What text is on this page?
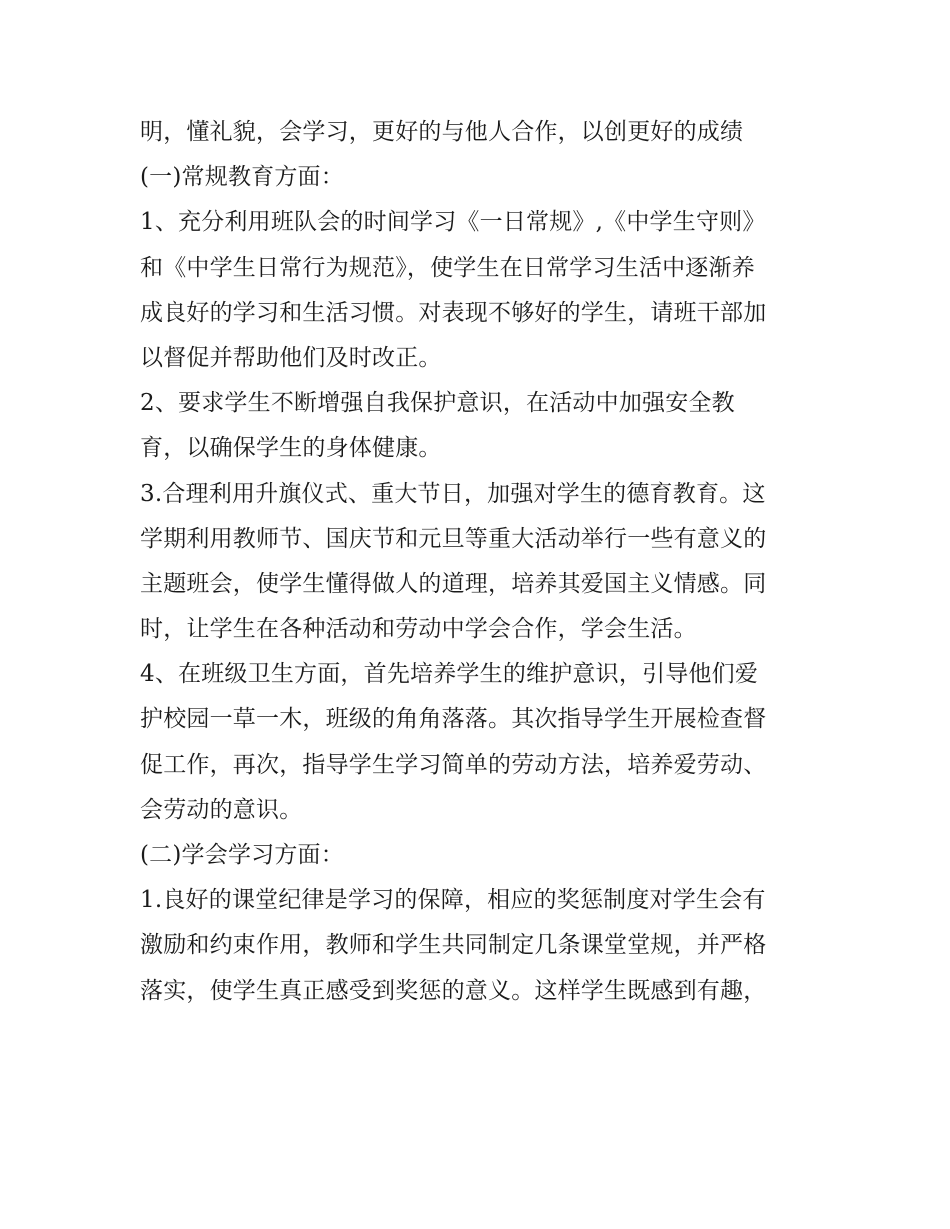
明，懂礼貌，会学习，更好的与他人合作，以创更好的成绩
(一)常规教育方面：
1、充分利用班队会的时间学习《一日常规》,《中学生守则》
和《中学生日常行为规范》，使学生在日常学习生活中逐渐养
成良好的学习和生活习惯。对表现不够好的学生，请班干部加
以督促并帮助他们及时改正。
2、要求学生不断增强自我保护意识，在活动中加强安全教
育，以确保学生的身体健康。
3.合理利用升旗仪式、重大节日，加强对学生的德育教育。这
学期利用教师节、国庆节和元旦等重大活动举行一些有意义的
主题班会，使学生懂得做人的道理，培养其爱国主义情感。同
时，让学生在各种活动和劳动中学会合作，学会生活。
4、在班级卫生方面，首先培养学生的维护意识，引导他们爱
护校园一草一木，班级的角角落落。其次指导学生开展检查督
促工作，再次，指导学生学习简单的劳动方法，培养爱劳动、
会劳动的意识。
(二)学会学习方面：
1.良好的课堂纪律是学习的保障，相应的奖惩制度对学生会有
激励和约束作用，教师和学生共同制定几条课堂堂规，并严格
落实，使学生真正感受到奖惩的意义。这样学生既感到有趣，
